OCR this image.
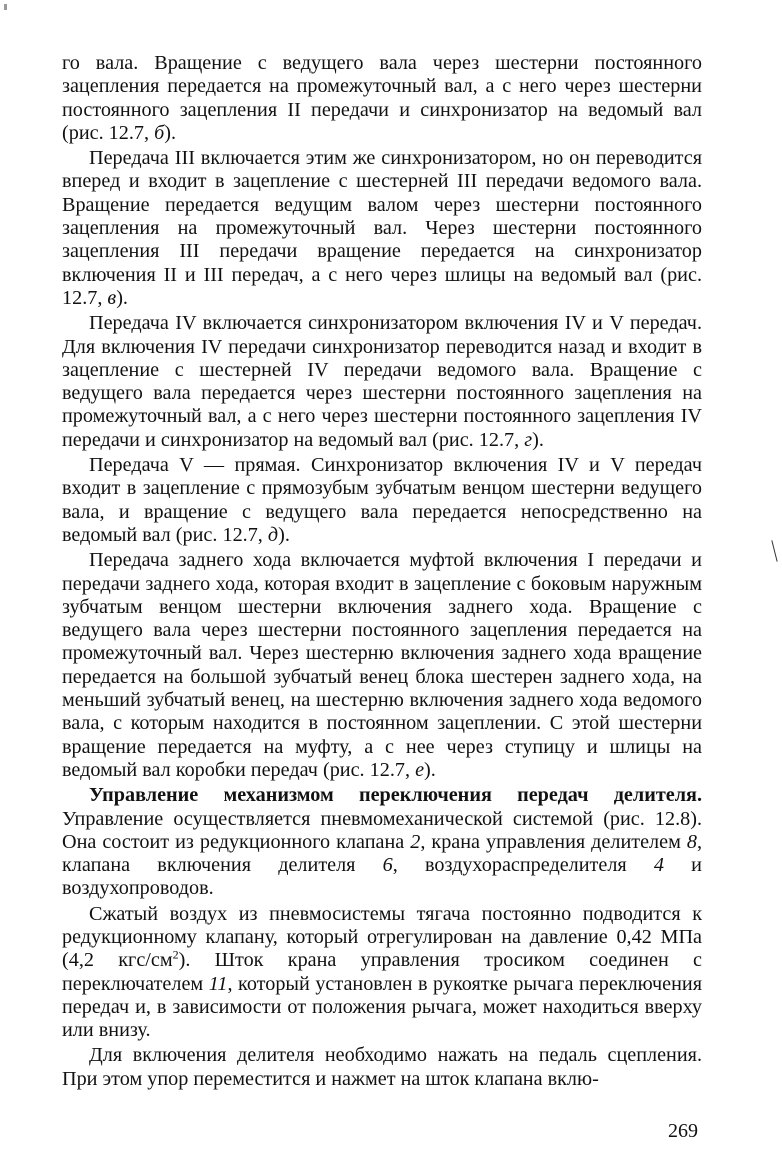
го вала. Вращение с ведущего вала через шестерни постоянного зацепления передается на промежуточный вал, а с него через шестерни постоянного зацепления II передачи и синхронизатор на ведомый вал (рис. 12.7, б).

Передача III включается этим же синхронизатором, но он переводится вперед и входит в зацепление с шестерней III передачи ведомого вала. Вращение передается ведущим валом через шестерни постоянного зацепления на промежуточный вал. Через шестерни постоянного зацепления III передачи вращение передается на синхронизатор включения II и III передач, а с него через шлицы на ведомый вал (рис. 12.7, в).

Передача IV включается синхронизатором включения IV и V передач. Для включения IV передачи синхронизатор переводится назад и входит в зацепление с шестерней IV передачи ведомого вала. Вращение с ведущего вала передается через шестерни постоянного зацепления на промежуточный вал, а с него через шестерни постоянного зацепления IV передачи и синхронизатор на ведомый вал (рис. 12.7, г).

Передача V — прямая. Синхронизатор включения IV и V передач входит в зацепление с прямозубым зубчатым венцом шестерни ведущего вала, и вращение с ведущего вала передается непосредственно на ведомый вал (рис. 12.7, д).

Передача заднего хода включается муфтой включения I передачи и передачи заднего хода, которая входит в зацепление с боковым наружным зубчатым венцом шестерни включения заднего хода. Вращение с ведущего вала через шестерни постоянного зацепления передается на промежуточный вал. Через шестерню включения заднего хода вращение передается на большой зубчатый венец блока шестерен заднего хода, на меньший зубчатый венец, на шестерню включения заднего хода ведомого вала, с которым находится в постоянном зацеплении. С этой шестерни вращение передается на муфту, а с нее через ступицу и шлицы на ведомый вал коробки передач (рис. 12.7, е).

Управление механизмом переключения передач делителя. Управление осуществляется пневмомеханической системой (рис. 12.8). Она состоит из редукционного клапана 2, крана управления делителем 8, клапана включения делителя 6, воздухораспределителя 4 и воздухопроводов.

Сжатый воздух из пневмосистемы тягача постоянно подводится к редукционному клапану, который отрегулирован на давление 0,42 МПа (4,2 кгс/$см^2$). Шток крана управления тросиком соединен с переключателем 11, который установлен в рукоятке рычага переключения передач и, в зависимости от положения рычага, может находиться вверху или внизу.

Для включения делителя необходимо нажать на педаль сцепления. При этом упор переместится и нажмет на шток клапана вклю-

269
